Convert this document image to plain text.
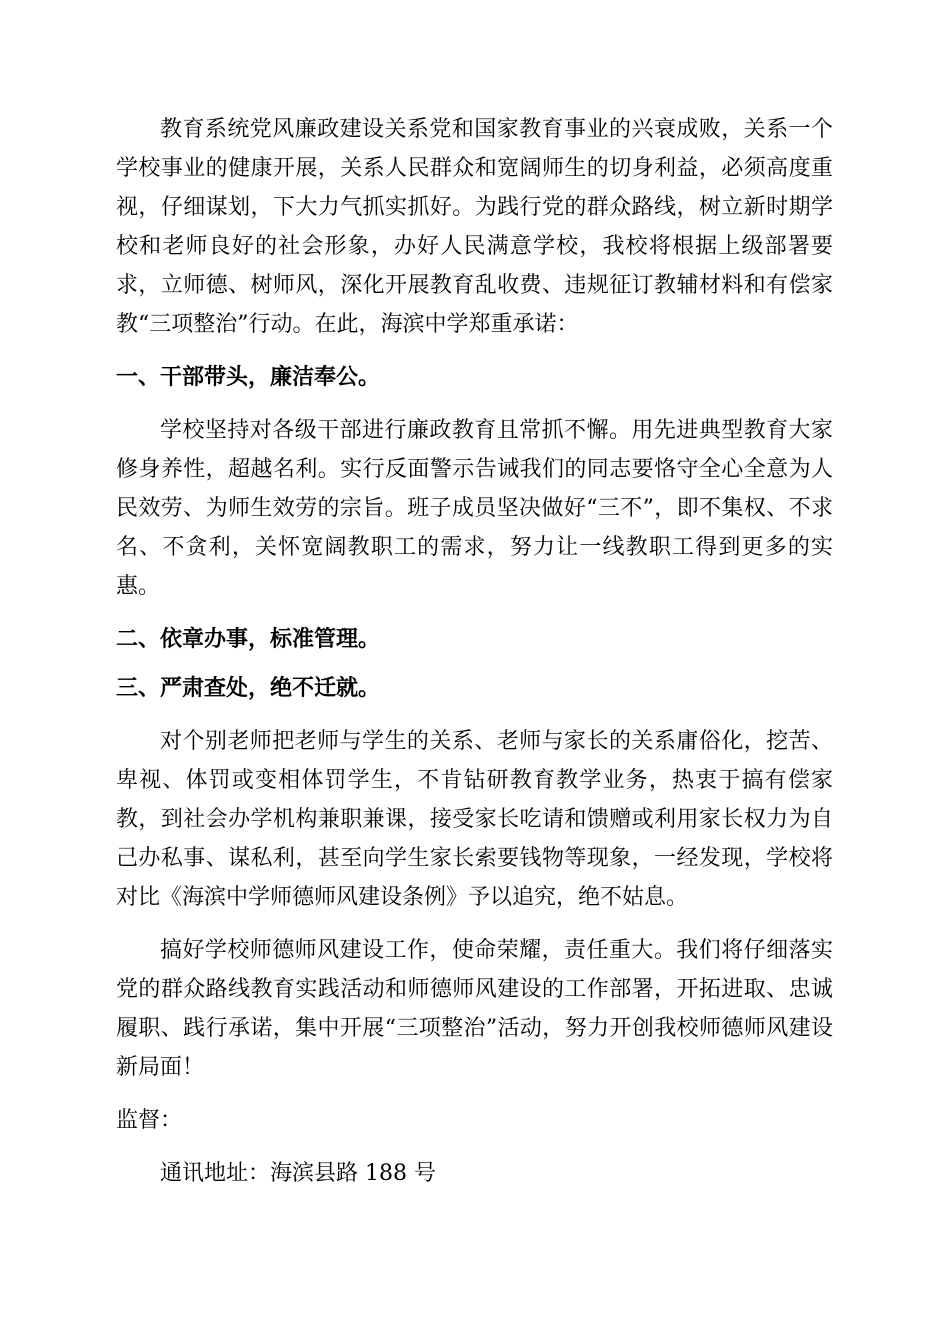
教育系统党风廉政建设关系党和国家教育事业的兴衰成败，关系一个学校事业的健康开展，关系人民群众和宽阔师生的切身利益，必须高度重视，仔细谋划，下大力气抓实抓好。为践行党的群众路线，树立新时期学校和老师良好的社会形象，办好人民满意学校，我校将根据上级部署要求，立师德、树师风，深化开展教育乱收费、违规征订教辅材料和有偿家教“三项整治”行动。在此，海滨中学郑重承诺：

一、干部带头，廉洁奉公。

学校坚持对各级干部进行廉政教育且常抓不懈。用先进典型教育大家修身养性，超越名利。实行反面警示告诫我们的同志要恪守全心全意为人民效劳、为师生效劳的宗旨。班子成员坚决做好“三不”，即不集权、不求名、不贪利，关怀宽阔教职工的需求，努力让一线教职工得到更多的实惠。

二、依章办事，标准管理。

三、严肃查处，绝不迁就。

对个别老师把老师与学生的关系、老师与家长的关系庸俗化，挖苦、卑视、体罚或变相体罚学生，不肯钻研教育教学业务，热衷于搞有偿家教，到社会办学机构兼职兼课，接受家长吃请和馈赠或利用家长权力为自己办私事、谋私利，甚至向学生家长索要钱物等现象，一经发现，学校将对比《海滨中学师德师风建设条例》予以追究，绝不姑息。

搞好学校师德师风建设工作，使命荣耀，责任重大。我们将仔细落实党的群众路线教育实践活动和师德师风建设的工作部署，开拓进取、忠诚履职、践行承诺，集中开展“三项整治”活动，努力开创我校师德师风建设新局面！

监督：

通讯地址：海滨县路 188 号
